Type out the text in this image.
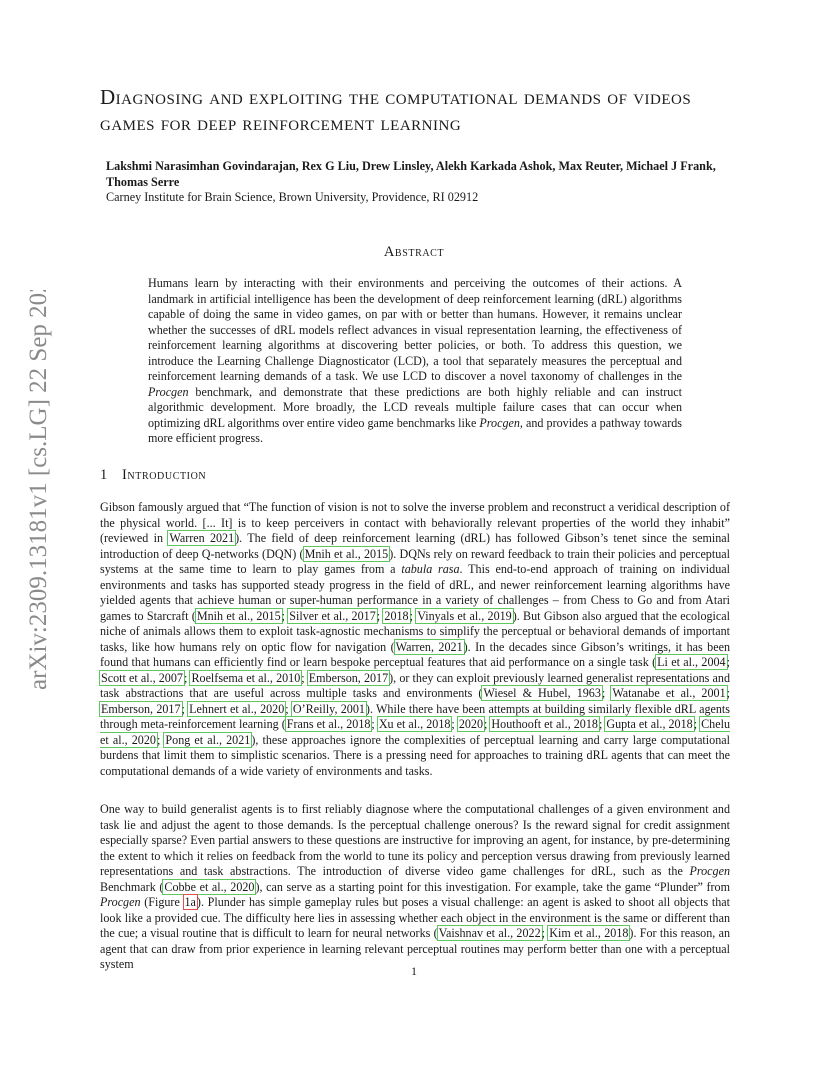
arXiv:2309.13181v1 [cs.LG] 22 Sep 2023
Diagnosing and exploiting the computational demands of videos games for deep reinforcement learning
Lakshmi Narasimhan Govindarajan, Rex G Liu, Drew Linsley, Alekh Karkada Ashok, Max Reuter, Michael J Frank, Thomas Serre
Carney Institute for Brain Science, Brown University, Providence, RI 02912
Abstract
Humans learn by interacting with their environments and perceiving the outcomes of their actions. A landmark in artificial intelligence has been the development of deep reinforcement learning (dRL) algorithms capable of doing the same in video games, on par with or better than humans. However, it remains unclear whether the successes of dRL models reflect advances in visual representation learning, the effectiveness of reinforcement learning algorithms at discovering better policies, or both. To address this question, we introduce the Learning Challenge Diagnosticator (LCD), a tool that separately measures the perceptual and reinforcement learning demands of a task. We use LCD to discover a novel taxonomy of challenges in the Procgen benchmark, and demonstrate that these predictions are both highly reliable and can instruct algorithmic development. More broadly, the LCD reveals multiple failure cases that can occur when optimizing dRL algorithms over entire video game benchmarks like Procgen, and provides a pathway towards more efficient progress.
1 Introduction
Gibson famously argued that “The function of vision is not to solve the inverse problem and reconstruct a veridical description of the physical world. [... It] is to keep perceivers in contact with behaviorally relevant properties of the world they inhabit” (reviewed in Warren 2021). The field of deep reinforcement learning (dRL) has followed Gibson’s tenet since the seminal introduction of deep Q-networks (DQN) (Mnih et al., 2015). DQNs rely on reward feedback to train their policies and perceptual systems at the same time to learn to play games from a tabula rasa. This end-to-end approach of training on individual environments and tasks has supported steady progress in the field of dRL, and newer reinforcement learning algorithms have yielded agents that achieve human or super-human performance in a variety of challenges – from Chess to Go and from Atari games to Starcraft (Mnih et al., 2015; Silver et al., 2017; 2018; Vinyals et al., 2019). But Gibson also argued that the ecological niche of animals allows them to exploit task-agnostic mechanisms to simplify the perceptual or behavioral demands of important tasks, like how humans rely on optic flow for navigation (Warren, 2021). In the decades since Gibson’s writings, it has been found that humans can efficiently find or learn bespoke perceptual features that aid performance on a single task (Li et al., 2004; Scott et al., 2007; Roelfsema et al., 2010; Emberson, 2017), or they can exploit previously learned generalist representations and task abstractions that are useful across multiple tasks and environments (Wiesel & Hubel, 1963; Watanabe et al., 2001; Emberson, 2017; Lehnert et al., 2020; O’Reilly, 2001). While there have been attempts at building similarly flexible dRL agents through meta-reinforcement learning (Frans et al., 2018; Xu et al., 2018; 2020; Houthooft et al., 2018; Gupta et al., 2018; Chelu et al., 2020; Pong et al., 2021), these approaches ignore the complexities of perceptual learning and carry large computational burdens that limit them to simplistic scenarios. There is a pressing need for approaches to training dRL agents that can meet the computational demands of a wide variety of environments and tasks.
One way to build generalist agents is to first reliably diagnose where the computational challenges of a given environment and task lie and adjust the agent to those demands. Is the perceptual challenge onerous? Is the reward signal for credit assignment especially sparse? Even partial answers to these questions are instructive for improving an agent, for instance, by pre-determining the extent to which it relies on feedback from the world to tune its policy and perception versus drawing from previously learned representations and task abstractions. The introduction of diverse video game challenges for dRL, such as the Procgen Benchmark (Cobbe et al., 2020), can serve as a starting point for this investigation. For example, take the game “Plunder” from Procgen (Figure 1a). Plunder has simple gameplay rules but poses a visual challenge: an agent is asked to shoot all objects that look like a provided cue. The difficulty here lies in assessing whether each object in the environment is the same or different than the cue; a visual routine that is difficult to learn for neural networks (Vaishnav et al., 2022; Kim et al., 2018). For this reason, an agent that can draw from prior experience in learning relevant perceptual routines may perform better than one with a perceptual system	1
